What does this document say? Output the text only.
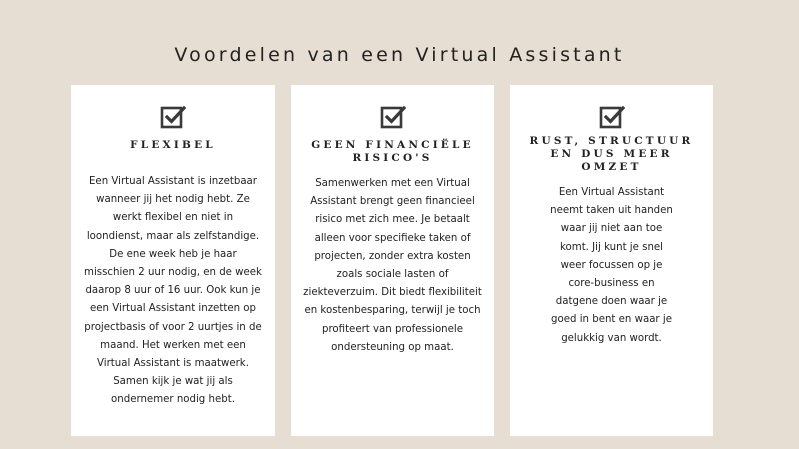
Voordelen van een Virtual Assistant
FLEXIBEL

Een Virtual Assistant is inzetbaar wanneer jij het nodig hebt. Ze werkt flexibel en niet in loondienst, maar als zelfstandige. De ene week heb je haar misschien 2 uur nodig, en de week daarop 8 uur of 16 uur. Ook kun je een Virtual Assistant inzetten op projectbasis of voor 2 uurtjes in de maand. Het werken met een Virtual Assistant is maatwerk. Samen kijk je wat jij als ondernemer nodig hebt.

GEEN FINANCIËLE RISICO'S

Samenwerken met een Virtual Assistant brengt geen financieel risico met zich mee. Je betaalt alleen voor specifieke taken of projecten, zonder extra kosten zoals sociale lasten of ziekteverzuim. Dit biedt flexibiliteit en kostenbesparing, terwijl je toch profiteert van professionele ondersteuning op maat.

RUST, STRUCTUUR EN DUS MEER OMZET

Een Virtual Assistant neemt taken uit handen waar jij niet aan toe komt. Jij kunt je snel weer focussen op je core-business en datgene doen waar je goed in bent en waar je gelukkig van wordt.
